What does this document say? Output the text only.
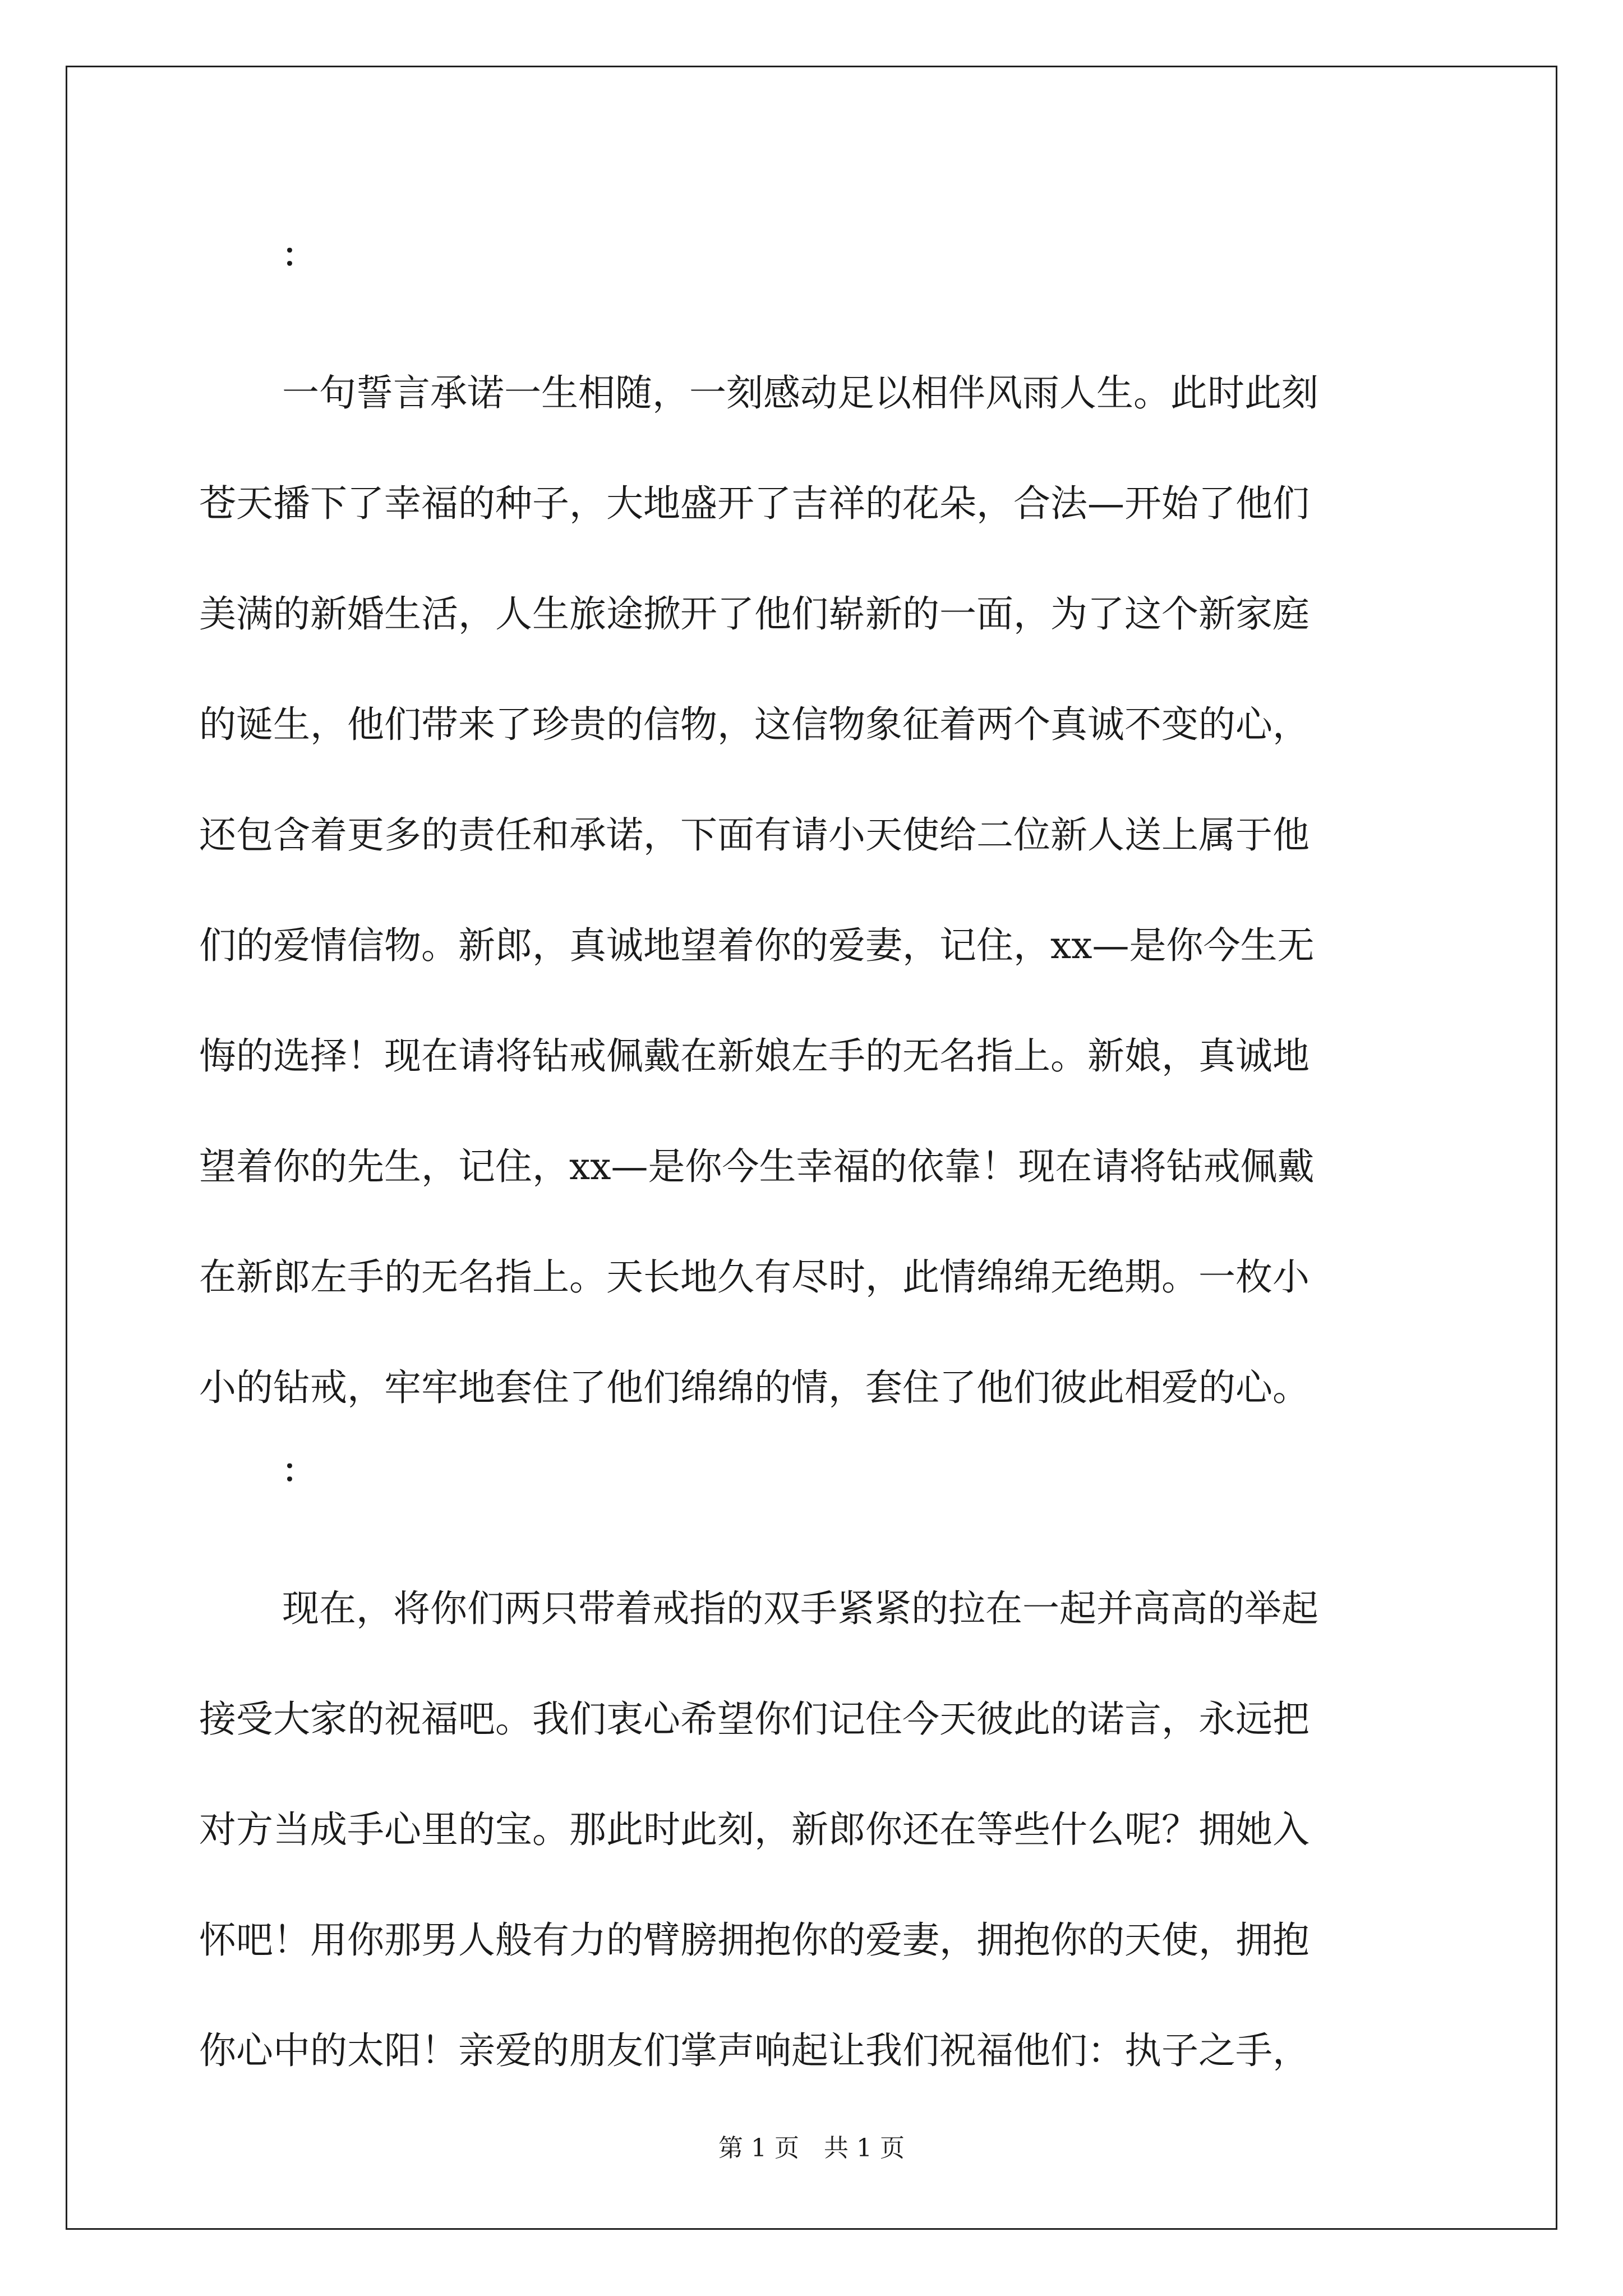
：
一句誓言承诺一生相随，一刻感动足以相伴风雨人生。此时此刻
苍天播下了幸福的种子，大地盛开了吉祥的花朵，合法—开始了他们
美满的新婚生活，人生旅途掀开了他们崭新的一面，为了这个新家庭
的诞生，他们带来了珍贵的信物，这信物象征着两个真诚不变的心，
还包含着更多的责任和承诺，下面有请小天使给二位新人送上属于他
们的爱情信物。新郎，真诚地望着你的爱妻，记住，xx—是你今生无
悔的选择！现在请将钻戒佩戴在新娘左手的无名指上。新娘，真诚地
望着你的先生，记住，xx—是你今生幸福的依靠！现在请将钻戒佩戴
在新郎左手的无名指上。天长地久有尽时，此情绵绵无绝期。一枚小
小的钻戒，牢牢地套住了他们绵绵的情，套住了他们彼此相爱的心。
：
现在，将你们两只带着戒指的双手紧紧的拉在一起并高高的举起
接受大家的祝福吧。我们衷心希望你们记住今天彼此的诺言，永远把
对方当成手心里的宝。那此时此刻，新郎你还在等些什么呢？拥她入
怀吧！用你那男人般有力的臂膀拥抱你的爱妻，拥抱你的天使，拥抱
你心中的太阳！亲爱的朋友们掌声响起让我们祝福他们：执子之手，
第 1 页　共 1 页
